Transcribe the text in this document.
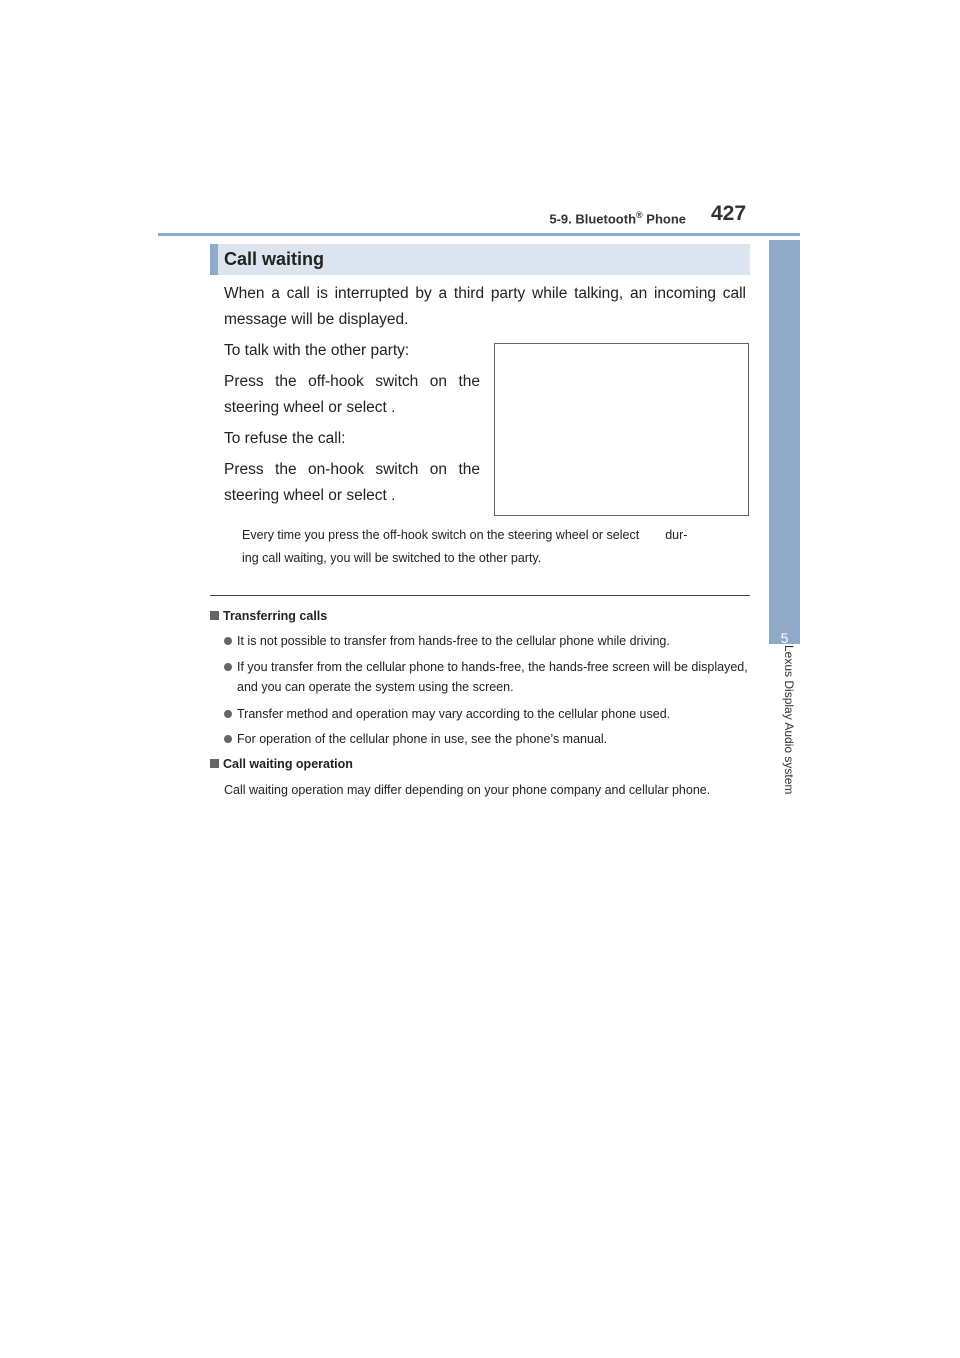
5-9. Bluetooth® Phone 427
5
Lexus Display Audio system
Call waiting
When a call is interrupted by a third party while talking, an incoming call message will be displayed.
To talk with the other party:
Press the off-hook switch on the
steering wheel or select .
To refuse the call:
Press the on-hook switch on the
steering wheel or select .
Every time you press the off-hook switch on the steering wheel or select dur-
ing call waiting, you will be switched to the other party.
Transferring calls
It is not possible to transfer from hands-free to the cellular phone while driving.
If you transfer from the cellular phone to hands-free, the hands-free screen will be displayed, and you can operate the system using the screen.
Transfer method and operation may vary according to the cellular phone used.
For operation of the cellular phone in use, see the phone’s manual.
Call waiting operation
Call waiting operation may differ depending on your phone company and cellular phone.
